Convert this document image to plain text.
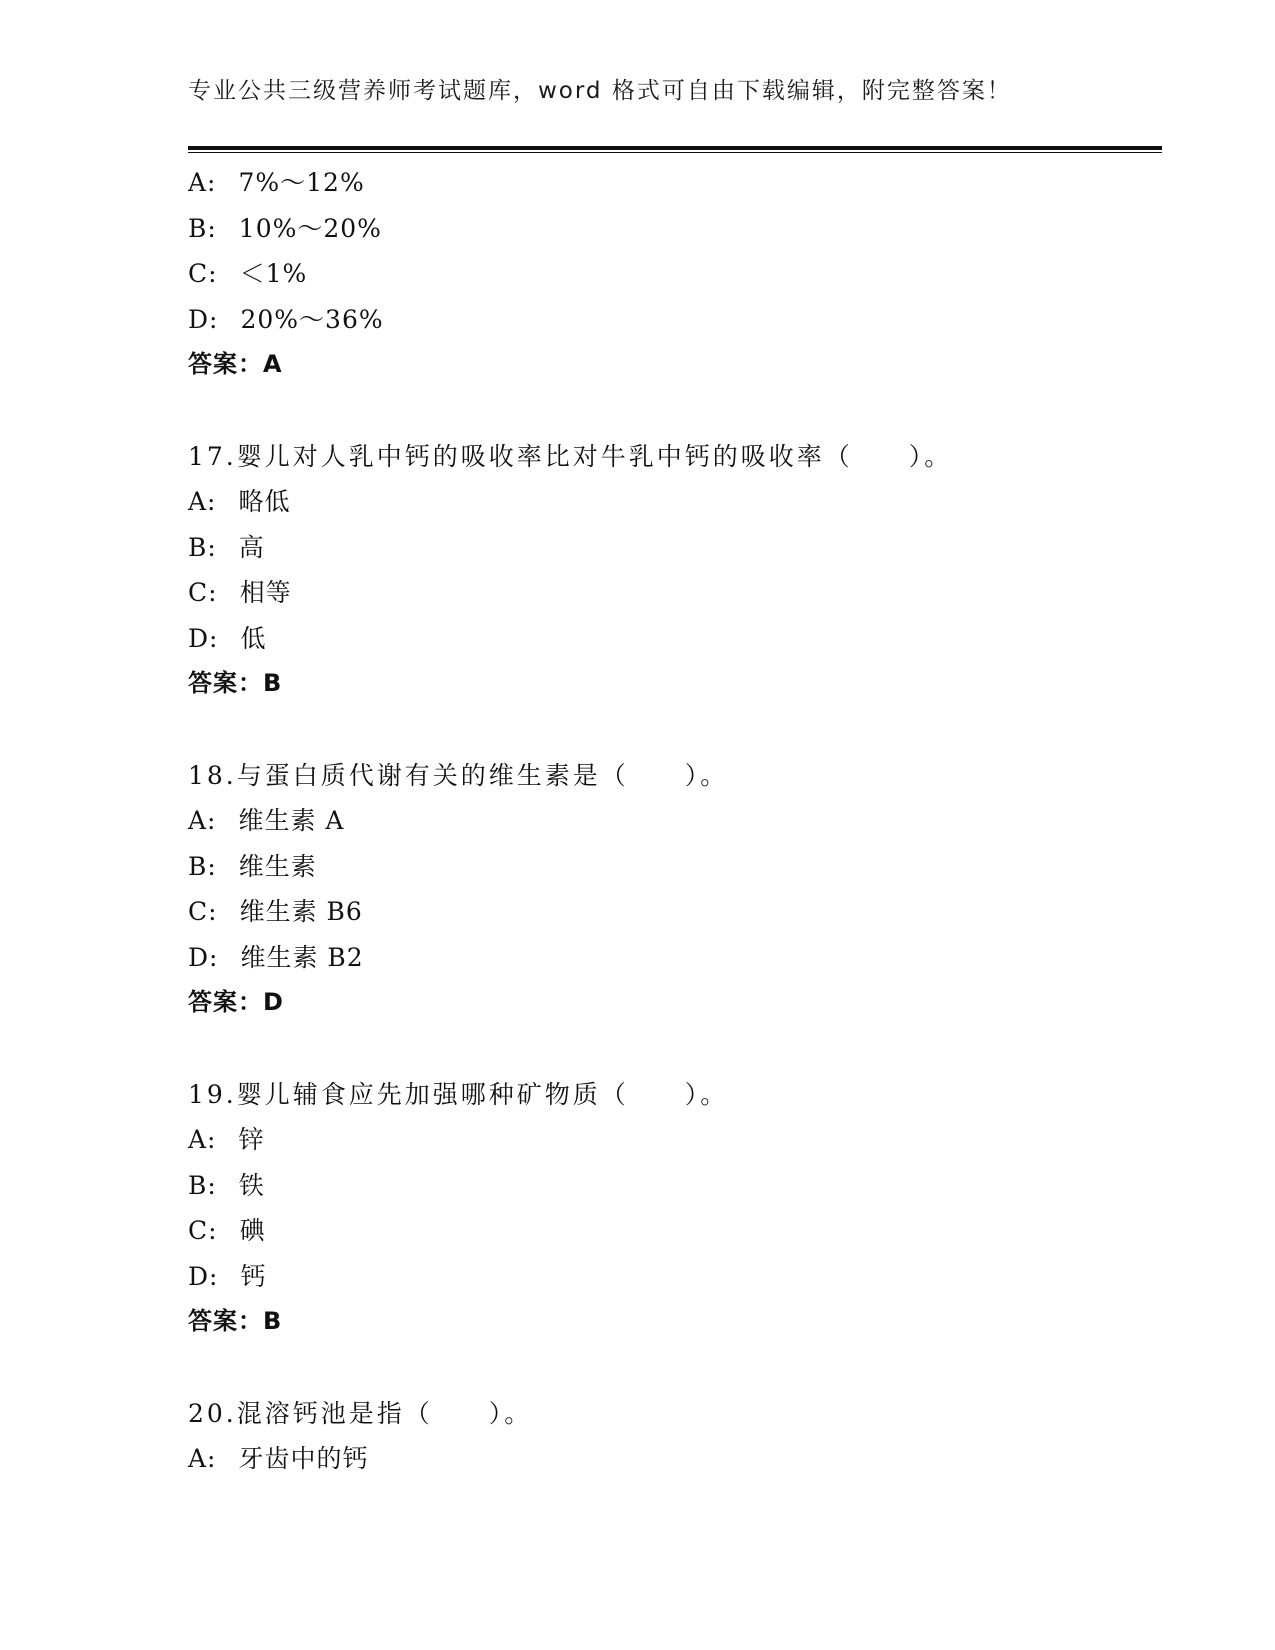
专业公共三级营养师考试题库，word 格式可自由下载编辑，附完整答案！
A: 7%～12%
B: 10%～20%
C: ＜1%
D: 20%～36%
答案：A
17.婴儿对人乳中钙的吸收率比对牛乳中钙的吸收率（　　）。
A: 略低
B: 高
C: 相等
D: 低
答案：B
18.与蛋白质代谢有关的维生素是（　　）。
A: 维生素 A
B: 维生素
C: 维生素 B6
D: 维生素 B2
答案：D
19.婴儿辅食应先加强哪种矿物质（　　）。
A: 锌
B: 铁
C: 碘
D: 钙
答案：B
20.混溶钙池是指（　　）。
A: 牙齿中的钙
